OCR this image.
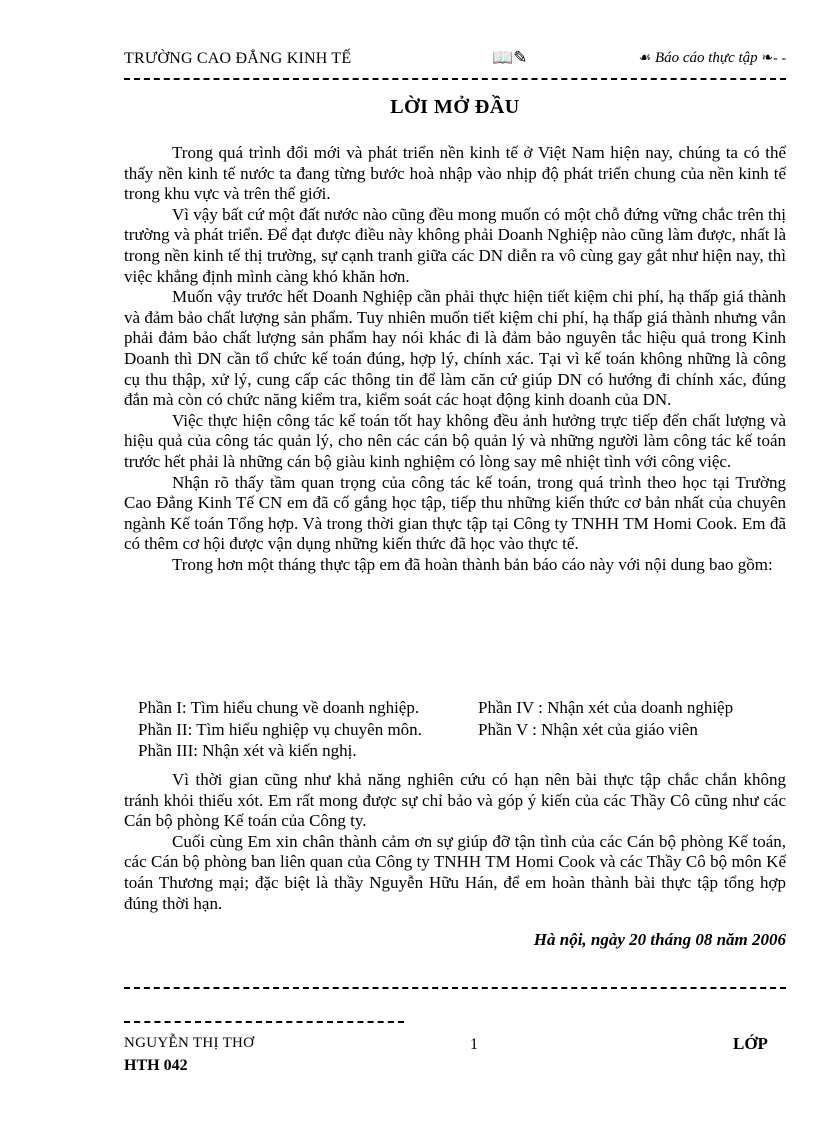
TRƯỜNG CAO ĐẲNG KINH TẾ	📖✎	☙ Báo cáo thực tập ❧- -
LỜI MỞ ĐẦU

Trong quá trình đổi mới và phát triển nền kinh tế ở Việt Nam hiện nay, chúng ta có thể thấy nền kinh tế nước ta đang từng bước hoà nhập vào nhịp độ phát triển chung của nền kinh tế trong khu vực và trên thế giới.

Vì vậy bất cứ một đất nước nào cũng đều mong muốn có một chỗ đứng vững chắc trên thị trường và phát triển. Để đạt được điều này không phải Doanh Nghiệp nào cũng làm được, nhất là trong nền kinh tế thị trường, sự cạnh tranh giữa các DN diễn ra vô cùng gay gắt như hiện nay, thì việc khẳng định mình càng khó khăn hơn.

Muốn vậy trước hết Doanh Nghiệp cần phải thực hiện tiết kiệm chi phí, hạ thấp giá thành và đảm bảo chất lượng sản phẩm. Tuy nhiên muốn tiết kiệm chi phí, hạ thấp giá thành nhưng vẫn phải đảm bảo chất lượng sản phẩm hay nói khác đi là đảm bảo nguyên tắc hiệu quả trong Kinh Doanh thì DN cần tổ chức kế toán đúng, hợp lý, chính xác. Tại vì kế toán không những là công cụ thu thập, xử lý, cung cấp các thông tin để làm căn cứ giúp DN có hướng đi chính xác, đúng đắn mà còn có chức năng kiểm tra, kiểm soát các hoạt động kinh doanh của DN.

Việc thực hiện công tác kế toán tốt hay không đều ảnh hưởng trực tiếp đến chất lượng và hiệu quả của công tác quản lý, cho nên các cán bộ quản lý và những người làm công tác kế toán trước hết phải là những cán bộ giàu kinh nghiệm có lòng say mê nhiệt tình với công việc.

Nhận rõ thấy tầm quan trọng của công tác kế toán, trong quá trình theo học tại Trường Cao Đẳng Kinh Tế CN em đã cố gắng học tập, tiếp thu những kiến thức cơ bản nhất của chuyên ngành Kế toán Tổng hợp. Và trong thời gian thực tập tại Công ty TNHH TM Homi Cook. Em đã có thêm cơ hội được vận dụng những kiến thức đã học vào thực tế.

Trong hơn một tháng thực tập em đã hoàn thành bản báo cáo này với nội dung bao gồm:

Phần I: Tìm hiểu chung về doanh nghiệp.	Phần IV : Nhận xét của doanh nghiệp
Phần II: Tìm hiểu nghiệp vụ chuyên môn.	Phần V : Nhận xét của giáo viên
Phần III: Nhận xét và kiến nghị.

Vì thời gian cũng như khả năng nghiên cứu có hạn nên bài thực tập chắc chắn không tránh khỏi thiếu xót. Em rất mong được sự chỉ bảo và góp ý kiến của các Thầy Cô cũng như các Cán bộ phòng Kế toán của Công ty.

Cuối cùng Em xin chân thành cảm ơn sự giúp đỡ tận tình của các Cán bộ phòng Kế toán, các Cán bộ phòng ban liên quan của Công ty TNHH TM Homi Cook và các Thầy Cô bộ môn Kế toán Thương mại; đặc biệt là thầy Nguyễn Hữu Hán, để em hoàn thành bài thực tập tổng hợp đúng thời hạn.

Hà nội, ngày 20 tháng 08 năm 2006
NGUYỄN THỊ THƠ	1	LỚP
HTH 042
